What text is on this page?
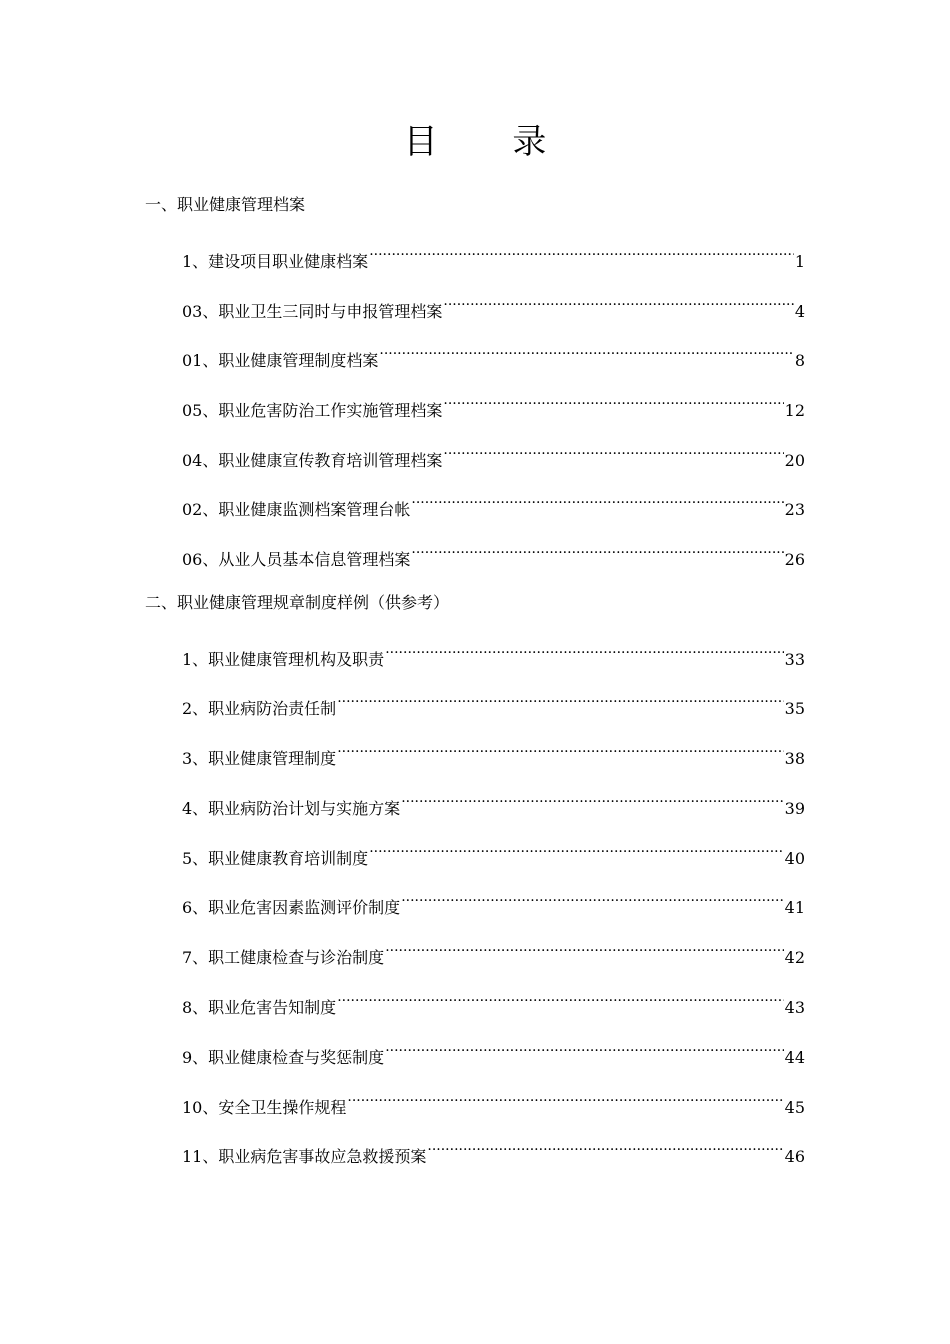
目 录
一、职业健康管理档案
1、建设项目职业健康档案 ·····	1
03、职业卫生三同时与申报管理档案 ·····	4
01、职业健康管理制度档案 ·····	8
05、职业危害防治工作实施管理档案 ·····	12
04、职业健康宣传教育培训管理档案 ·····	20
02、职业健康监测档案管理台帐 ·····	23
06、从业人员基本信息管理档案 ·····	26
二、职业健康管理规章制度样例（供参考）
1、职业健康管理机构及职责 ·····	33
2、职业病防治责任制 ·····	35
3、职业健康管理制度 ·····	38
4、职业病防治计划与实施方案 ·····	39
5、职业健康教育培训制度 ·····	40
6、职业危害因素监测评价制度 ·····	41
7、职工健康检查与诊治制度 ·····	42
8、职业危害告知制度 ·····	43
9、职业健康检查与奖惩制度 ·····	44
10、安全卫生操作规程 ·····	45
11、职业病危害事故应急救援预案 ·····	46
